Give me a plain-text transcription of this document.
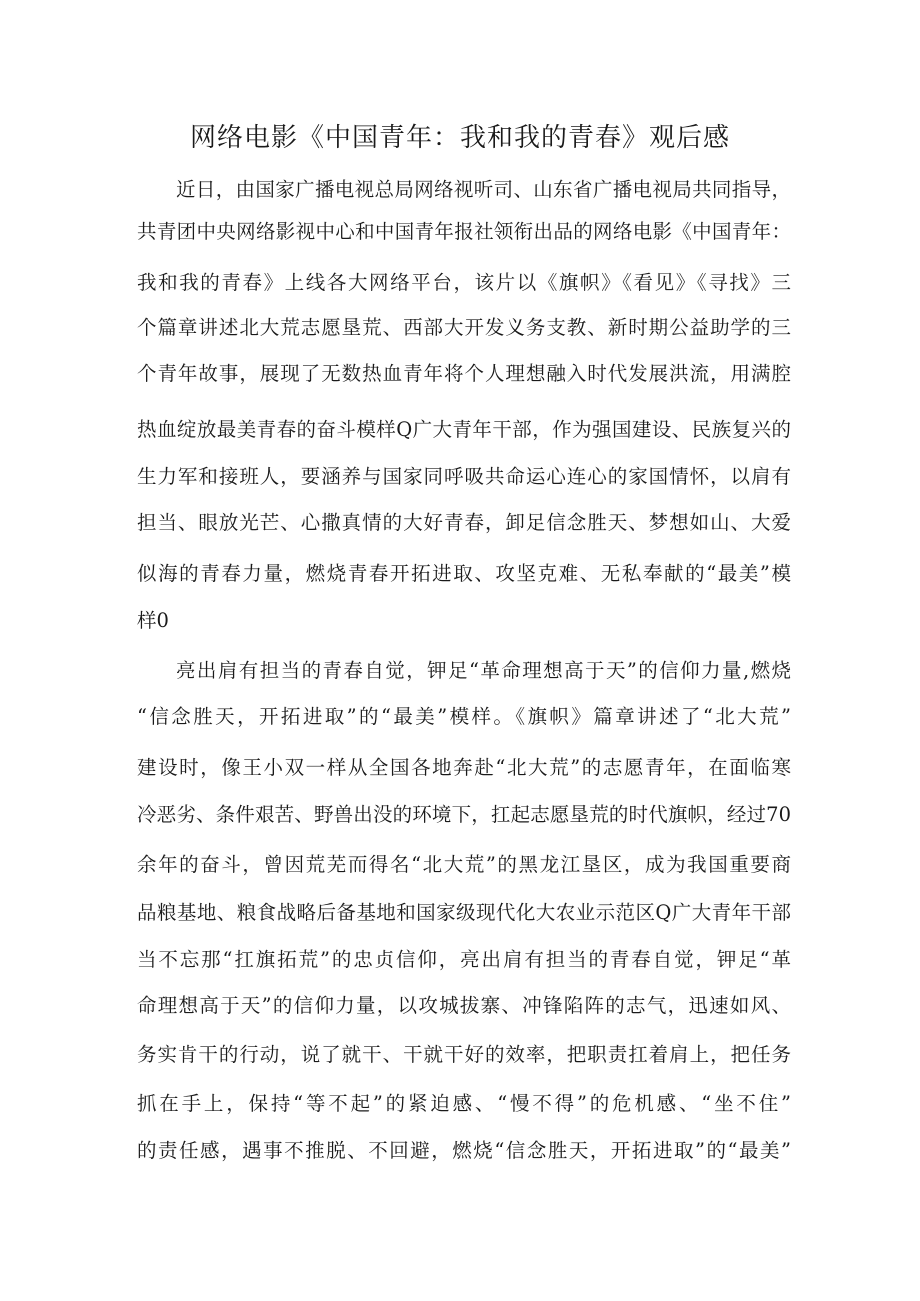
网络电影《中国青年：我和我的青春》观后感
近日，由国家广播电视总局网络视听司、山东省广播电视局共同指导，
共青团中央网络影视中心和中国青年报社领衔出品的网络电影《中国青年：
我和我的青春》上线各大网络平台，该片以《旗帜》《看见》《寻找》三
个篇章讲述北大荒志愿垦荒、西部大开发义务支教、新时期公益助学的三
个青年故事，展现了无数热血青年将个人理想融入时代发展洪流，用满腔
热血绽放最美青春的奋斗模样Q广大青年干部，作为强国建设、民族复兴的
生力军和接班人，要涵养与国家同呼吸共命运心连心的家国情怀，以肩有
担当、眼放光芒、心撒真情的大好青春，卸足信念胜天、梦想如山、大爱
似海的青春力量，燃烧青春开拓进取、攻坚克难、无私奉献的“最美”模
样0
亮出肩有担当的青春自觉，钾足“革命理想高于天”的信仰力量,燃烧
“信念胜天，开拓进取”的“最美”模样。《旗帜》篇章讲述了“北大荒”
建设时，像王小双一样从全国各地奔赴“北大荒”的志愿青年，在面临寒
冷恶劣、条件艰苦、野兽出没的环境下，扛起志愿垦荒的时代旗帜，经过70
余年的奋斗，曾因荒芜而得名“北大荒”的黑龙江垦区，成为我国重要商
品粮基地、粮食战略后备基地和国家级现代化大农业示范区Q广大青年干部
当不忘那“扛旗拓荒”的忠贞信仰，亮出肩有担当的青春自觉，钾足“革
命理想高于天”的信仰力量，以攻城拔寨、冲锋陷阵的志气，迅速如风、
务实肯干的行动，说了就干、干就干好的效率，把职责扛着肩上，把任务
抓在手上，保持“等不起”的紧迫感、“慢不得”的危机感、“坐不住”
的责任感，遇事不推脱、不回避，燃烧“信念胜天，开拓进取”的“最美”
